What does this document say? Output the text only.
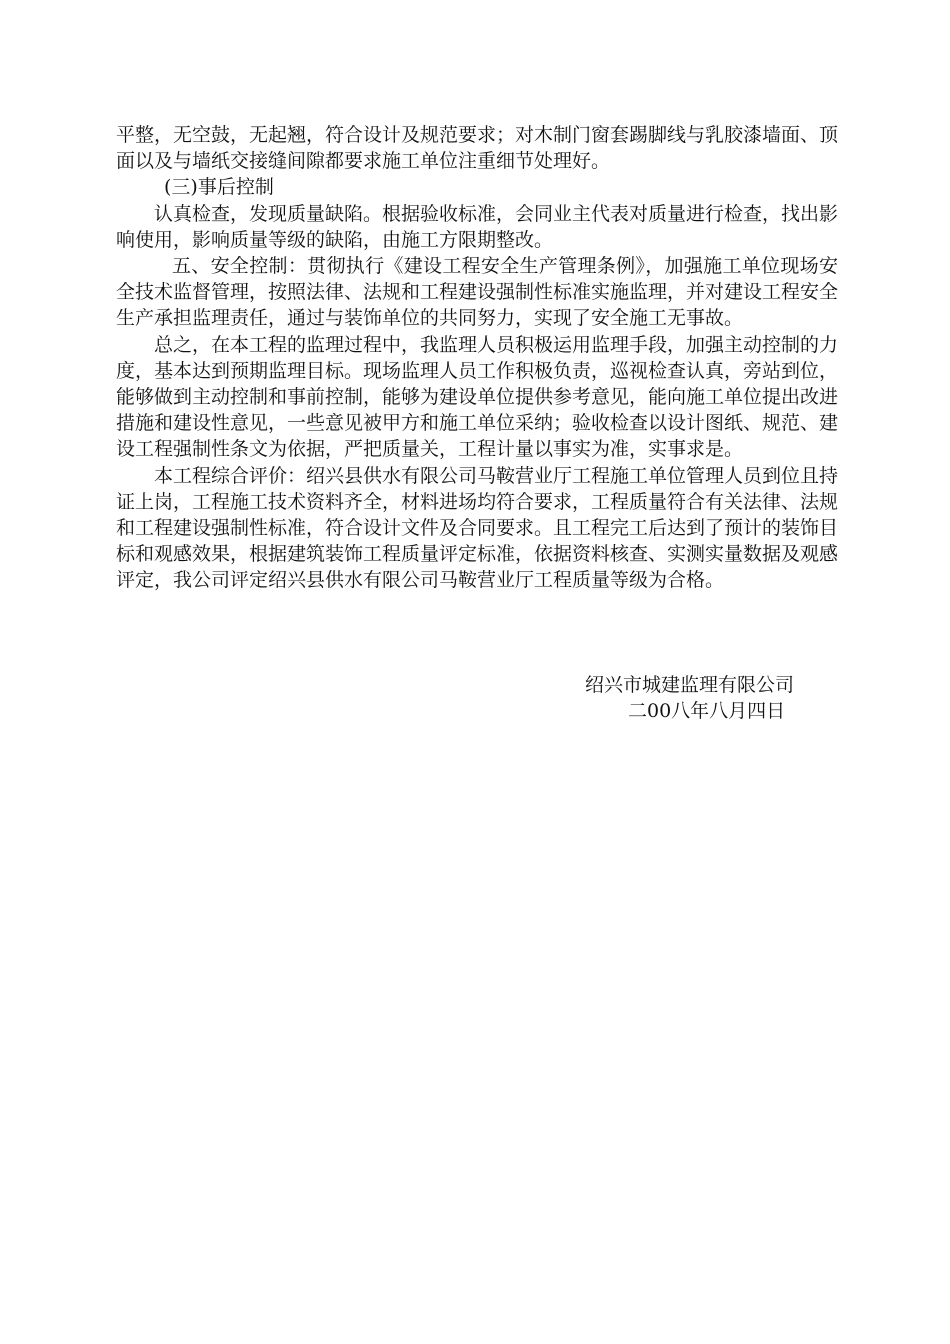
平整，无空鼓，无起翘，符合设计及规范要求；对木制门窗套踢脚线与乳胶漆墙面、顶面以及与墙纸交接缝间隙都要求施工单位注重细节处理好。

(三)事后控制

认真检查，发现质量缺陷。根据验收标准，会同业主代表对质量进行检查，找出影响使用，影响质量等级的缺陷，由施工方限期整改。

五、安全控制：贯彻执行《建设工程安全生产管理条例》，加强施工单位现场安全技术监督管理，按照法律、法规和工程建设强制性标准实施监理，并对建设工程安全生产承担监理责任，通过与装饰单位的共同努力，实现了安全施工无事故。

总之，在本工程的监理过程中，我监理人员积极运用监理手段，加强主动控制的力度，基本达到预期监理目标。现场监理人员工作积极负责，巡视检查认真，旁站到位，能够做到主动控制和事前控制，能够为建设单位提供参考意见，能向施工单位提出改进措施和建设性意见，一些意见被甲方和施工单位采纳；验收检查以设计图纸、规范、建设工程强制性条文为依据，严把质量关，工程计量以事实为准，实事求是。

本工程综合评价：绍兴县供水有限公司马鞍营业厅工程施工单位管理人员到位且持证上岗，工程施工技术资料齐全，材料进场均符合要求，工程质量符合有关法律、法规和工程建设强制性标准，符合设计文件及合同要求。且工程完工后达到了预计的装饰目标和观感效果，根据建筑装饰工程质量评定标准，依据资料核查、实测实量数据及观感评定，我公司评定绍兴县供水有限公司马鞍营业厅工程质量等级为合格。

绍兴市城建监理有限公司
二00八年八月四日
